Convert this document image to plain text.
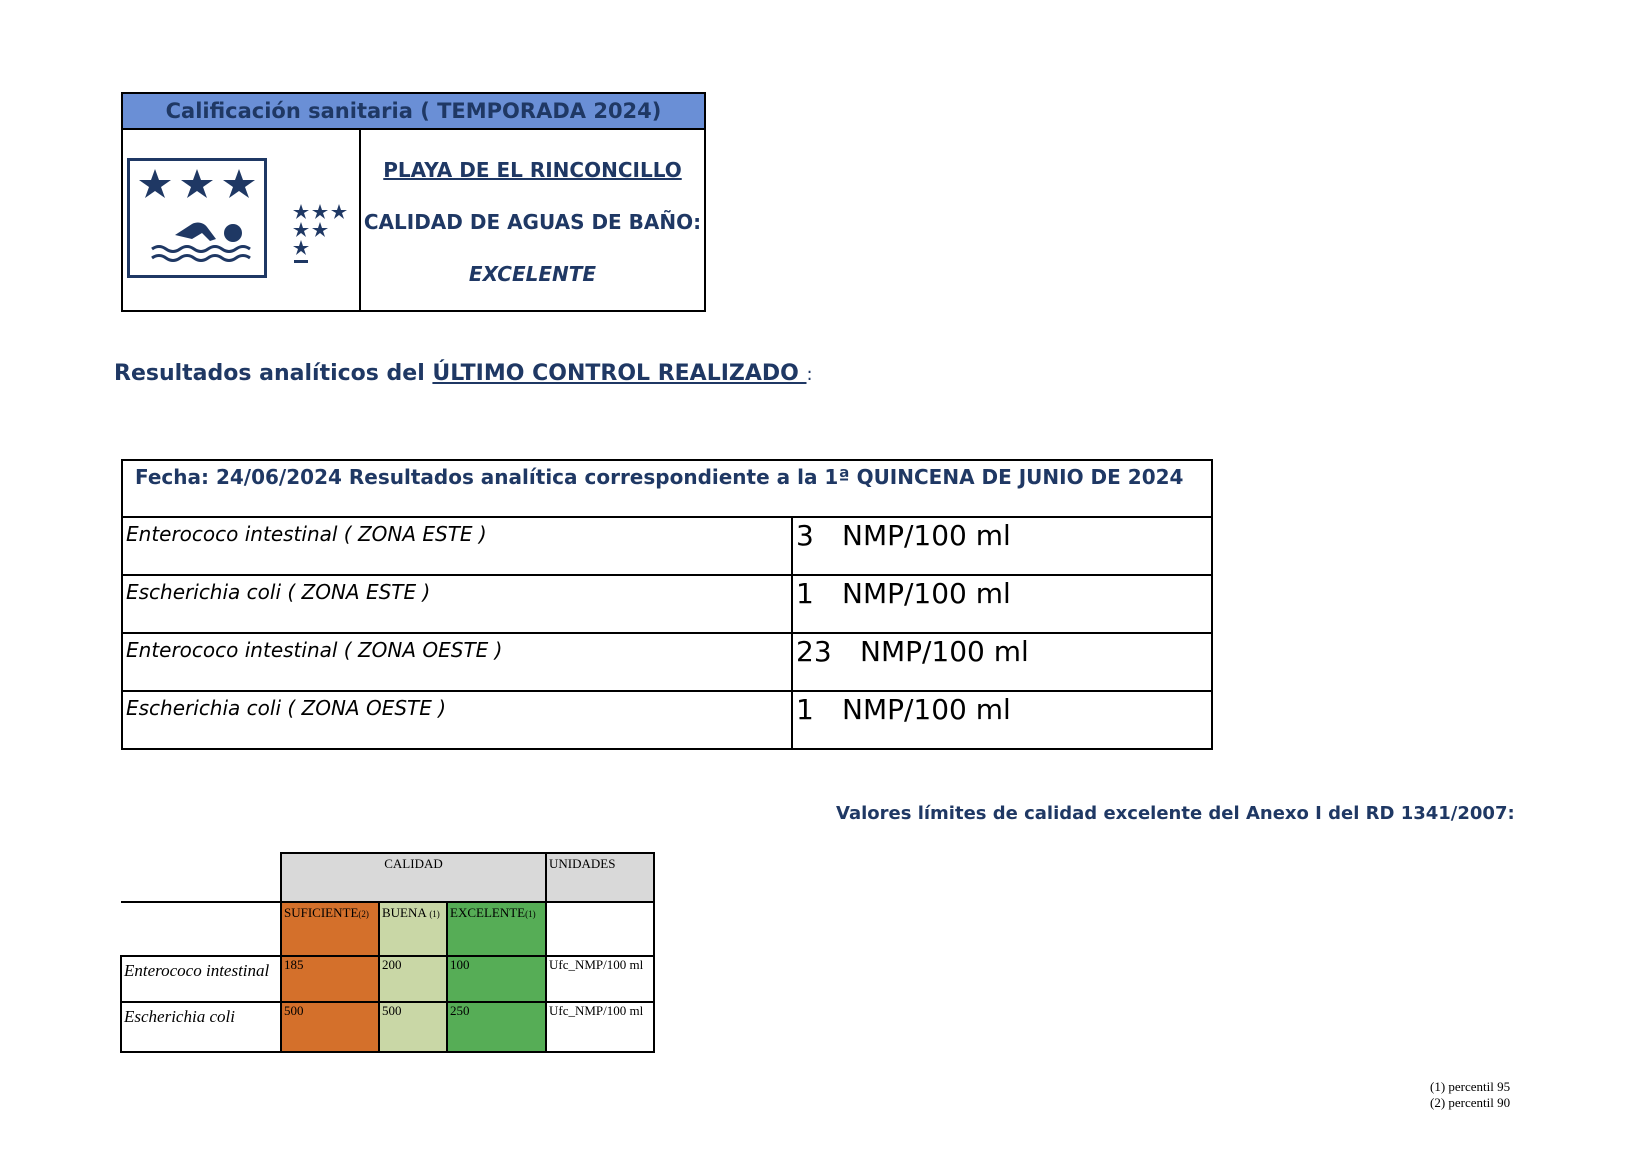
Calificación sanitaria ( TEMPORADA 2024)
PLAYA DE EL RINCONCILLO
CALIDAD DE AGUAS DE BAÑO:
EXCELENTE
Resultados analíticos del ÚLTIMO CONTROL REALIZADO :
Fecha: 24/06/2024 Resultados analítica correspondiente a la 1ª QUINCENA DE JUNIO DE 2024	
Enterococo intestinal ( ZONA ESTE )	3 NMP/100 ml
Escherichia coli ( ZONA ESTE )	1 NMP/100 ml
Enterococo intestinal ( ZONA OESTE )	23 NMP/100 ml
Escherichia coli ( ZONA OESTE )	1 NMP/100 ml
Valores límites de calidad excelente del Anexo I del RD 1341/2007:
	CALIDAD			UNIDADES
	SUFICIENTE(2)	BUENA (1)	EXCELENTE(1)	
Enterococo intestinal	185	200	100	Ufc_NMP/100 ml
Escherichia coli	500	500	250	Ufc_NMP/100 ml
(1) percentil 95
(2) percentil 90
